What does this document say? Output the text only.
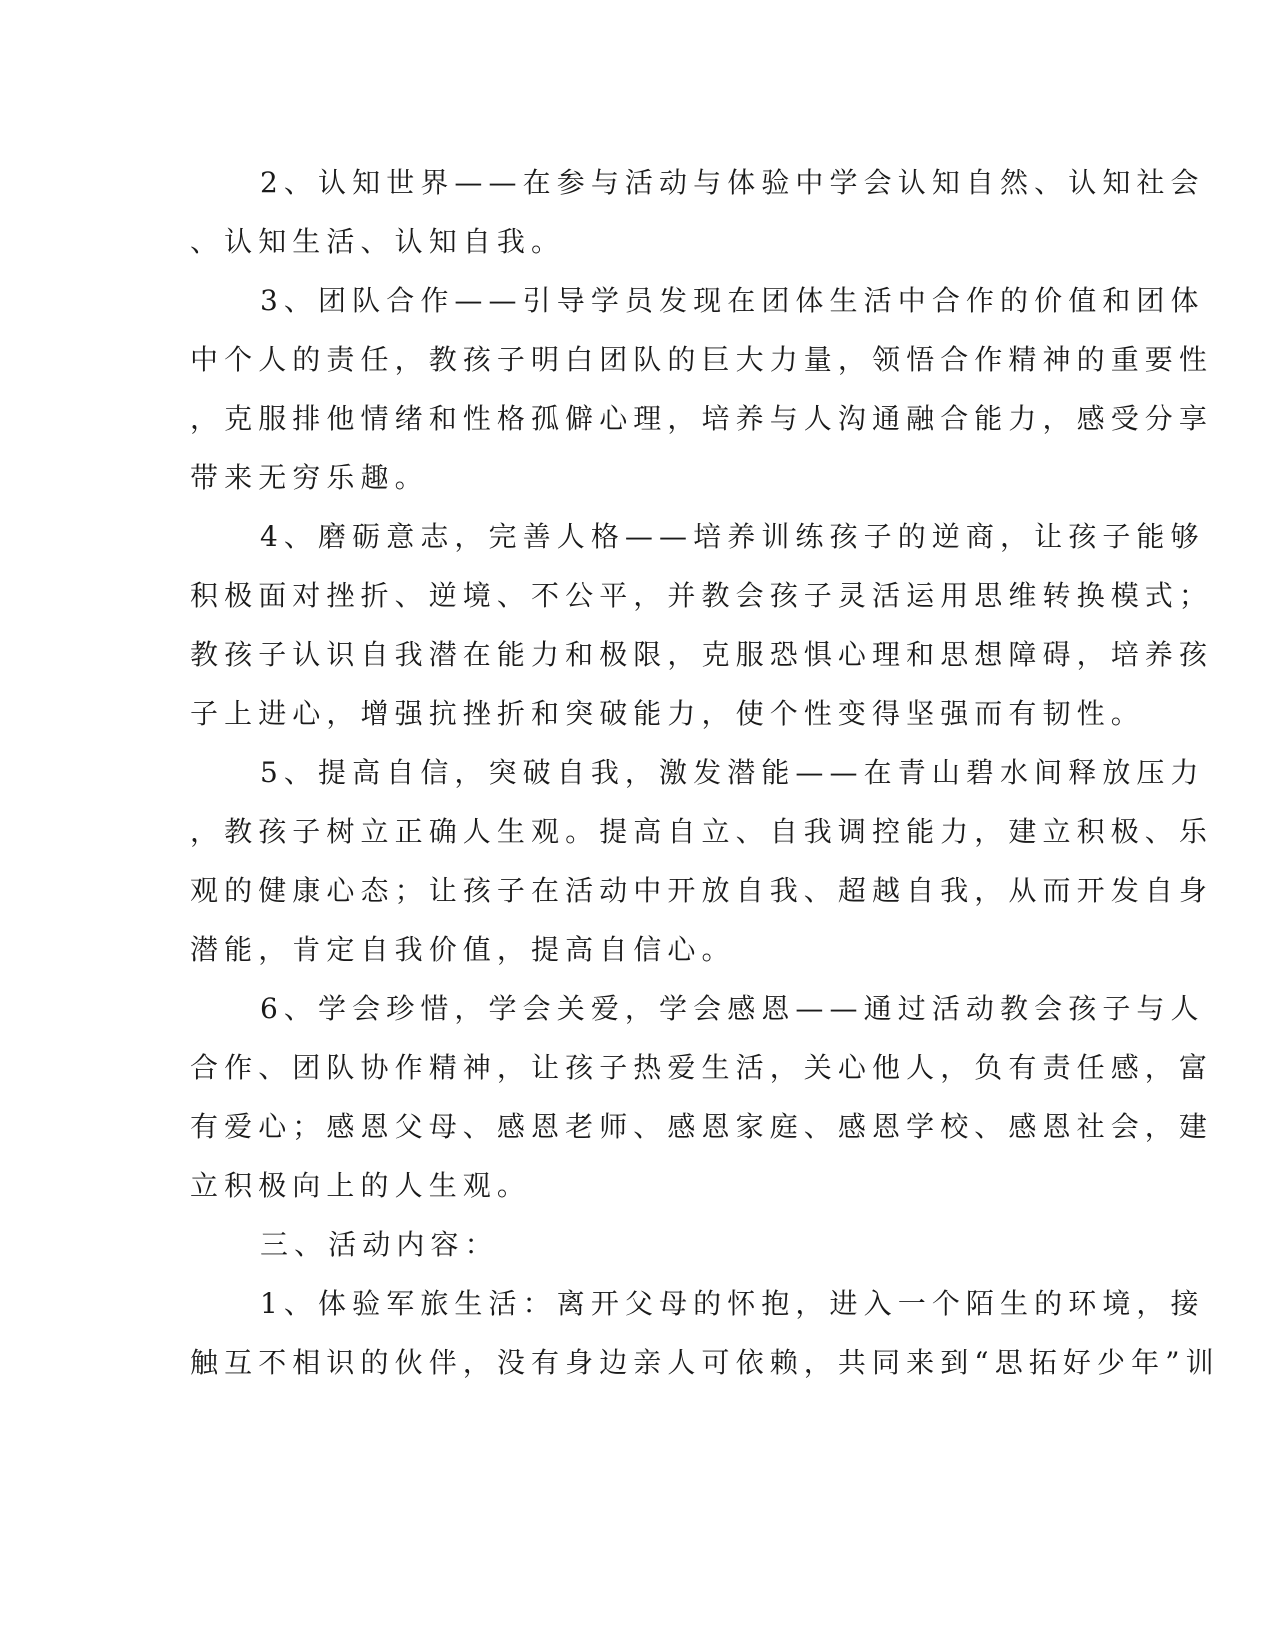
2、认知世界——在参与活动与体验中学会认知自然、认知社会
、认知生活、认知自我。
3、团队合作——引导学员发现在团体生活中合作的价值和团体
中个人的责任，教孩子明白团队的巨大力量，领悟合作精神的重要性
，克服排他情绪和性格孤僻心理，培养与人沟通融合能力，感受分享
带来无穷乐趣。
4、磨砺意志，完善人格——培养训练孩子的逆商，让孩子能够
积极面对挫折、逆境、不公平，并教会孩子灵活运用思维转换模式；
教孩子认识自我潜在能力和极限，克服恐惧心理和思想障碍，培养孩
子上进心，增强抗挫折和突破能力，使个性变得坚强而有韧性。
5、提高自信，突破自我，激发潜能——在青山碧水间释放压力
，教孩子树立正确人生观。提高自立、自我调控能力，建立积极、乐
观的健康心态；让孩子在活动中开放自我、超越自我，从而开发自身
潜能，肯定自我价值，提高自信心。
6、学会珍惜，学会关爱，学会感恩——通过活动教会孩子与人
合作、团队协作精神，让孩子热爱生活，关心他人，负有责任感，富
有爱心；感恩父母、感恩老师、感恩家庭、感恩学校、感恩社会，建
立积极向上的人生观。
三、活动内容：
1、体验军旅生活：离开父母的怀抱，进入一个陌生的环境，接
触互不相识的伙伴，没有身边亲人可依赖，共同来到“思拓好少年”训
